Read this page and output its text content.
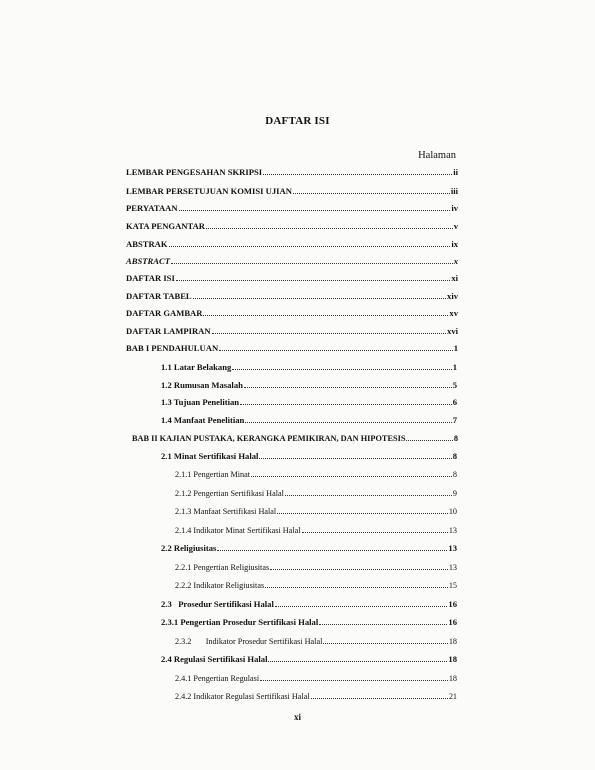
DAFTAR ISI
Halaman
LEMBAR PENGESAHAN SKRIPSI	ii
LEMBAR PERSETUJUAN KOMISI UJIAN	iii
PERYATAAN	iv
KATA PENGANTAR	v
ABSTRAK	ix
ABSTRACT	x
DAFTAR ISI	xi
DAFTAR TABEL	xiv
DAFTAR GAMBAR	xv
DAFTAR LAMPIRAN	xvi
BAB I PENDAHULUAN	1
1.1 Latar Belakang	1
1.2 Rumusan Masalah	5
1.3 Tujuan Penelitian	6
1.4 Manfaat Penelitian	7
BAB II KAJIAN PUSTAKA, KERANGKA PEMIKIRAN, DAN HIPOTESIS	8
2.1 Minat Sertifikasi Halal	8
2.1.1 Pengertian Minat	8
2.1.2 Pengertian Sertifikasi Halal	9
2.1.3 Manfaat Sertifikasi Halal	10
2.1.4 Indikator Minat Sertifikasi Halal	13
2.2 Religiusitas	13
2.2.1 Pengertian Religiusitas	13
2.2.2 Indikator Religiusitas	15
2.3   Prosedur Sertifikasi Halal	16
2.3.1 Pengertian Prosedur Sertifikasi Halal	16
2.3.2       Indikator Prosedur Sertifikasi Halal	18
2.4 Regulasi Sertifikasi Halal	18
2.4.1 Pengertian Regulasi	18
2.4.2 Indikator Regulasi Sertifikasi Halal	21
xi
